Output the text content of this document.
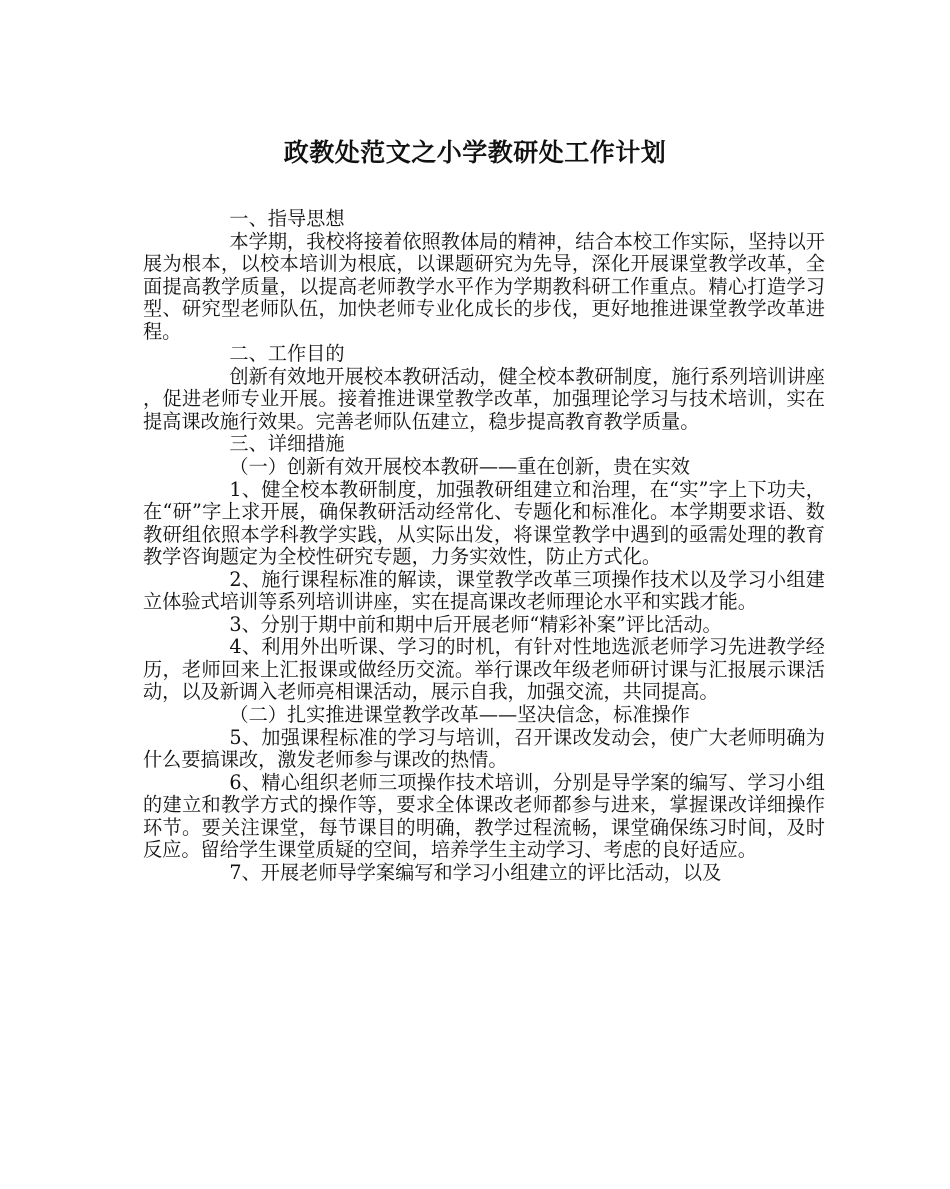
政教处范文之小学教研处工作计划

一、指导思想

本学期，我校将接着依照教体局的精神，结合本校工作实际，坚持以开展为根本，以校本培训为根底，以课题研究为先导，深化开展课堂教学改革，全面提高教学质量，以提高老师教学水平作为学期教科研工作重点。精心打造学习型、研究型老师队伍，加快老师专业化成长的步伐，更好地推进课堂教学改革进程。

二、工作目的

创新有效地开展校本教研活动，健全校本教研制度，施行系列培训讲座，促进老师专业开展。接着推进课堂教学改革，加强理论学习与技术培训，实在提高课改施行效果。完善老师队伍建立，稳步提高教育教学质量。

三、详细措施

（一）创新有效开展校本教研——重在创新，贵在实效

1、健全校本教研制度，加强教研组建立和治理，在“实”字上下功夫，在“研”字上求开展，确保教研活动经常化、专题化和标准化。本学期要求语、数教研组依照本学科教学实践，从实际出发，将课堂教学中遇到的亟需处理的教育教学咨询题定为全校性研究专题，力务实效性，防止方式化。

2、施行课程标准的解读，课堂教学改革三项操作技术以及学习小组建立体验式培训等系列培训讲座，实在提高课改老师理论水平和实践才能。

3、分别于期中前和期中后开展老师“精彩补案”评比活动。

4、利用外出听课、学习的时机，有针对性地选派老师学习先进教学经历，老师回来上汇报课或做经历交流。举行课改年级老师研讨课与汇报展示课活动，以及新调入老师亮相课活动，展示自我，加强交流，共同提高。

（二）扎实推进课堂教学改革——坚决信念，标准操作

5、加强课程标准的学习与培训，召开课改发动会，使广大老师明确为什么要搞课改，激发老师参与课改的热情。

6、精心组织老师三项操作技术培训，分别是导学案的编写、学习小组的建立和教学方式的操作等，要求全体课改老师都参与进来，掌握课改详细操作环节。要关注课堂，每节课目的明确，教学过程流畅，课堂确保练习时间，及时反应。留给学生课堂质疑的空间，培养学生主动学习、考虑的良好适应。

7、开展老师导学案编写和学习小组建立的评比活动，以及
